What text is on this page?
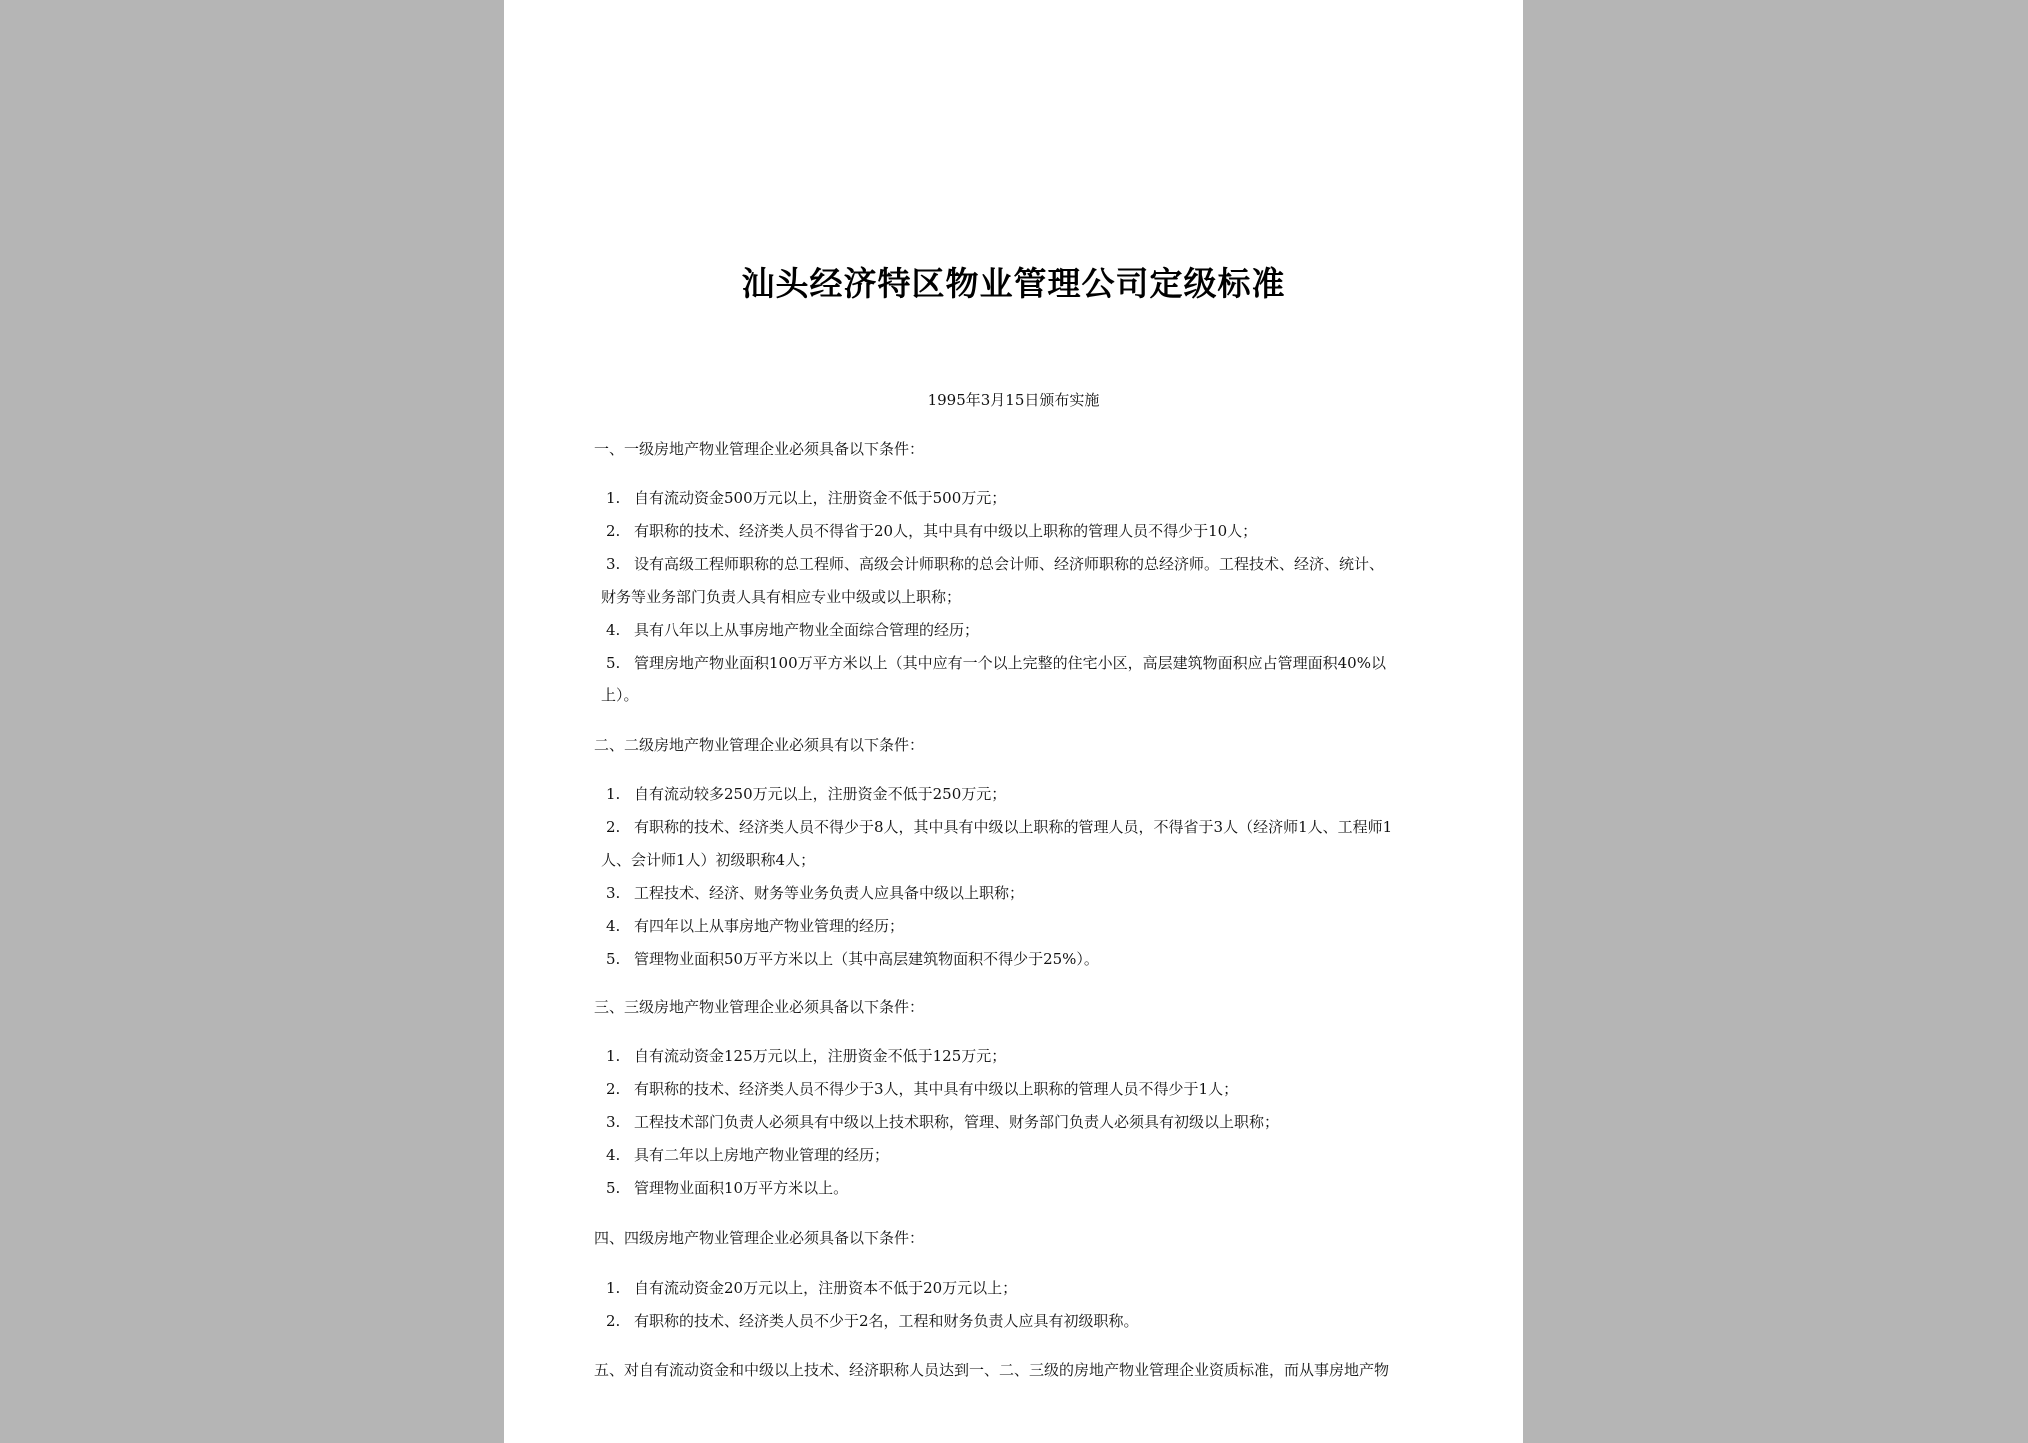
汕头经济特区物业管理公司定级标准
1995年3月15日颁布实施
一、一级房地产物业管理企业必须具备以下条件：
1. 自有流动资金500万元以上，注册资金不低于500万元；
2. 有职称的技术、经济类人员不得省于20人，其中具有中级以上职称的管理人员不得少于10人；
3. 设有高级工程师职称的总工程师、高级会计师职称的总会计师、经济师职称的总经济师。工程技术、经济、统计、
财务等业务部门负责人具有相应专业中级或以上职称；
4. 具有八年以上从事房地产物业全面综合管理的经历；
5. 管理房地产物业面积100万平方米以上（其中应有一个以上完整的住宅小区，高层建筑物面积应占管理面积40%以
上）。
二、二级房地产物业管理企业必须具有以下条件：
1. 自有流动较多250万元以上，注册资金不低于250万元；
2. 有职称的技术、经济类人员不得少于8人，其中具有中级以上职称的管理人员，不得省于3人（经济师1人、工程师1
人、会计师1人）初级职称4人；
3. 工程技术、经济、财务等业务负责人应具备中级以上职称；
4. 有四年以上从事房地产物业管理的经历；
5. 管理物业面积50万平方米以上（其中高层建筑物面积不得少于25%）。
三、三级房地产物业管理企业必须具备以下条件：
1. 自有流动资金125万元以上，注册资金不低于125万元；
2. 有职称的技术、经济类人员不得少于3人，其中具有中级以上职称的管理人员不得少于1人；
3. 工程技术部门负责人必须具有中级以上技术职称，管理、财务部门负责人必须具有初级以上职称；
4. 具有二年以上房地产物业管理的经历；
5. 管理物业面积10万平方米以上。
四、四级房地产物业管理企业必须具备以下条件：
1. 自有流动资金20万元以上，注册资本不低于20万元以上；
2. 有职称的技术、经济类人员不少于2名，工程和财务负责人应具有初级职称。
五、对自有流动资金和中级以上技术、经济职称人员达到一、二、三级的房地产物业管理企业资质标准，而从事房地产物
